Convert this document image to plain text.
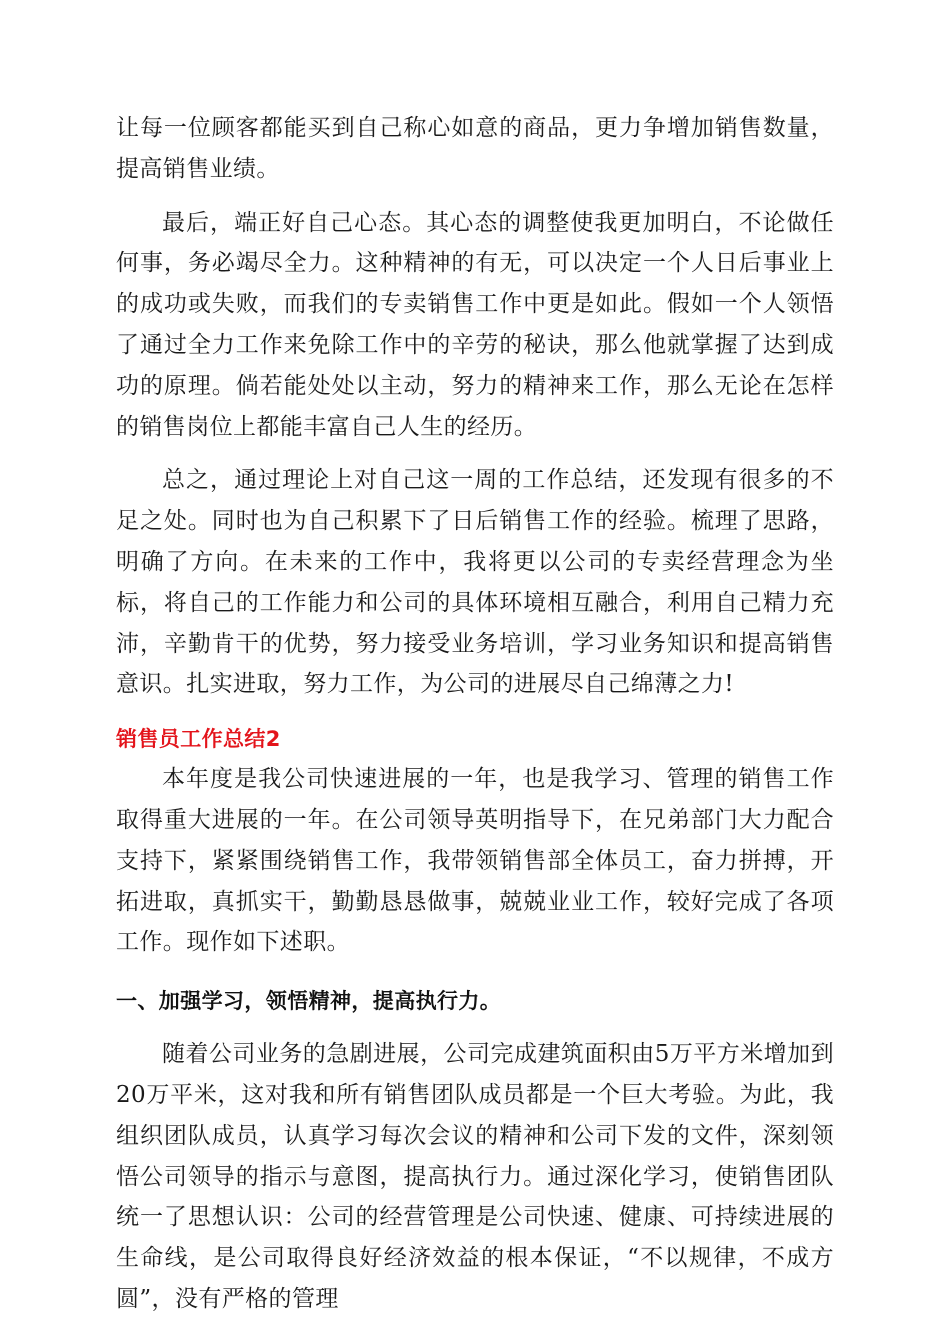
让每一位顾客都能买到自己称心如意的商品，更力争增加销售数量，提高销售业绩。

最后，端正好自己心态。其心态的调整使我更加明白，不论做任何事，务必竭尽全力。这种精神的有无，可以决定一个人日后事业上的成功或失败，而我们的专卖销售工作中更是如此。假如一个人领悟了通过全力工作来免除工作中的辛劳的秘诀，那么他就掌握了达到成功的原理。倘若能处处以主动，努力的精神来工作，那么无论在怎样的销售岗位上都能丰富自己人生的经历。

总之，通过理论上对自己这一周的工作总结，还发现有很多的不足之处。同时也为自己积累下了日后销售工作的经验。梳理了思路，明确了方向。在未来的工作中，我将更以公司的专卖经营理念为坐标，将自己的工作能力和公司的具体环境相互融合，利用自己精力充沛，辛勤肯干的优势，努力接受业务培训，学习业务知识和提高销售意识。扎实进取，努力工作，为公司的进展尽自己绵薄之力!

销售员工作总结2

本年度是我公司快速进展的一年，也是我学习、管理的销售工作取得重大进展的一年。在公司领导英明指导下，在兄弟部门大力配合支持下，紧紧围绕销售工作，我带领销售部全体员工，奋力拼搏，开拓进取，真抓实干，勤勤恳恳做事，兢兢业业工作，较好完成了各项工作。现作如下述职。

一、加强学习，领悟精神，提高执行力。

随着公司业务的急剧进展，公司完成建筑面积由5万平方米增加到20万平米，这对我和所有销售团队成员都是一个巨大考验。为此，我组织团队成员，认真学习每次会议的精神和公司下发的文件，深刻领悟公司领导的指示与意图，提高执行力。通过深化学习，使销售团队统一了思想认识：公司的经营管理是公司快速、健康、可持续进展的生命线，是公司取得良好经济效益的根本保证，“不以规律，不成方圆”，没有严格的管理
